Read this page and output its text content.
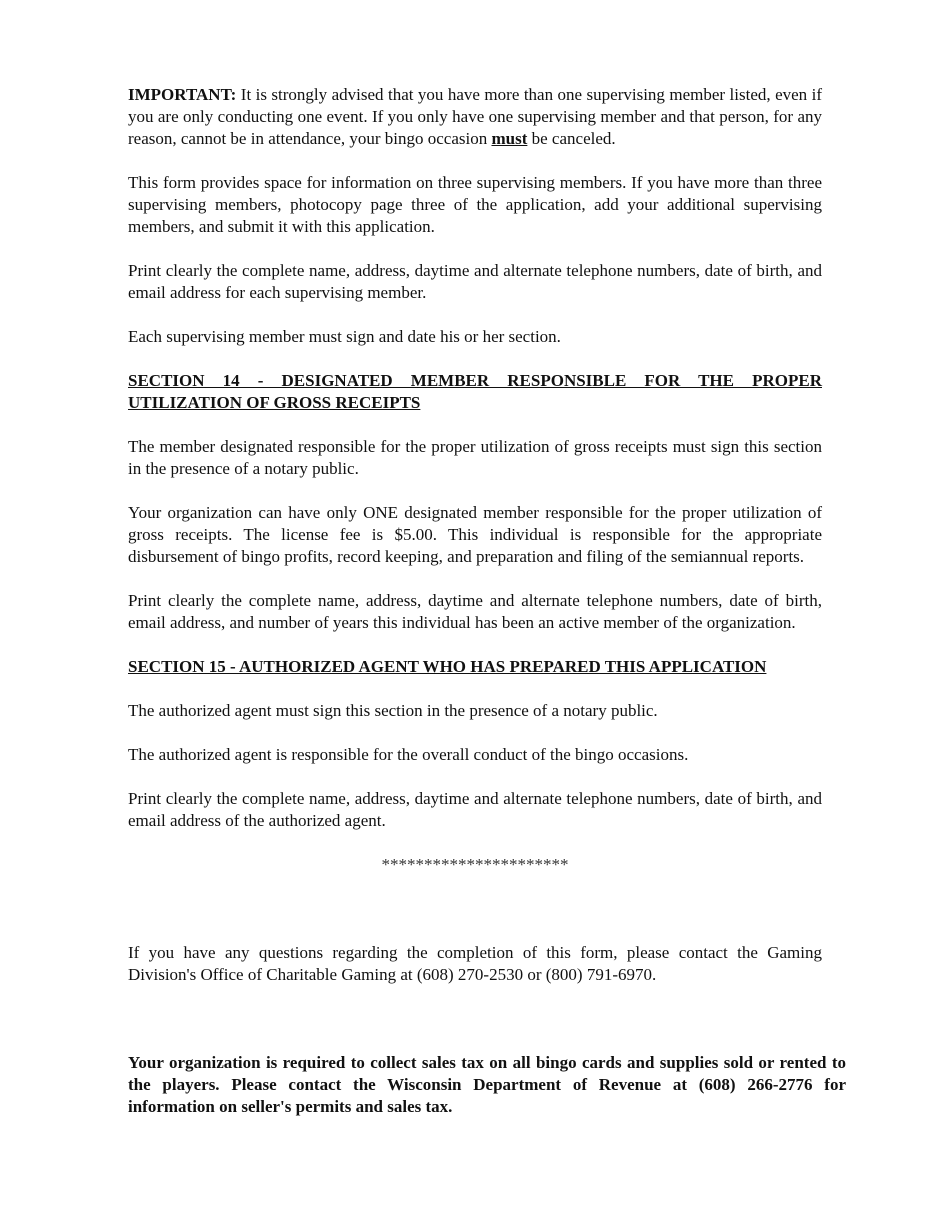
IMPORTANT: It is strongly advised that you have more than one supervising member listed, even if you are only conducting one event. If you only have one supervising member and that person, for any reason, cannot be in attendance, your bingo occasion must be canceled.

This form provides space for information on three supervising members. If you have more than three supervising members, photocopy page three of the application, add your additional supervising members, and submit it with this application.

Print clearly the complete name, address, daytime and alternate telephone numbers, date of birth, and email address for each supervising member.

Each supervising member must sign and date his or her section.

SECTION 14 - DESIGNATED MEMBER RESPONSIBLE FOR THE PROPER UTILIZATION OF GROSS RECEIPTS

The member designated responsible for the proper utilization of gross receipts must sign this section in the presence of a notary public.

Your organization can have only ONE designated member responsible for the proper utilization of gross receipts. The license fee is $5.00. This individual is responsible for the appropriate disbursement of bingo profits, record keeping, and preparation and filing of the semiannual reports.

Print clearly the complete name, address, daytime and alternate telephone numbers, date of birth, email address, and number of years this individual has been an active member of the organization.

SECTION 15 - AUTHORIZED AGENT WHO HAS PREPARED THIS APPLICATION

The authorized agent must sign this section in the presence of a notary public.

The authorized agent is responsible for the overall conduct of the bingo occasions.

Print clearly the complete name, address, daytime and alternate telephone numbers, date of birth, and email address of the authorized agent.

**********************

If you have any questions regarding the completion of this form, please contact the Gaming Division's Office of Charitable Gaming at (608) 270-2530 or (800) 791-6970.

Your organization is required to collect sales tax on all bingo cards and supplies sold or rented to the players. Please contact the Wisconsin Department of Revenue at (608) 266-2776 for information on seller's permits and sales tax.
